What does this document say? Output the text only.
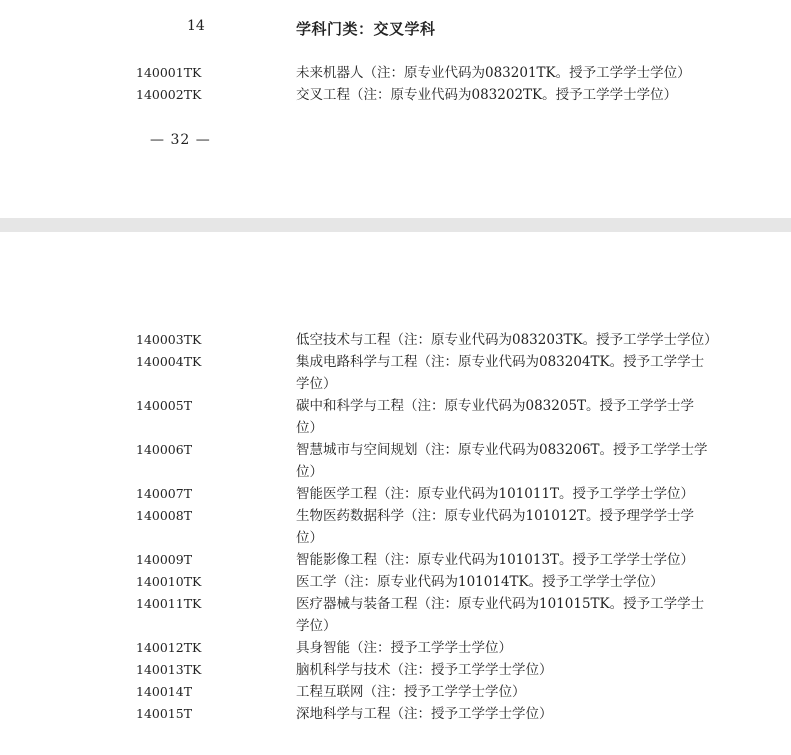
14	学科门类：交叉学科
140001TK	未来机器人（注：原专业代码为083201TK。授予工学学士学位）
140002TK	交叉工程（注：原专业代码为083202TK。授予工学学士学位）
— 32 —
140003TK	低空技术与工程（注：原专业代码为083203TK。授予工学学士学位）
140004TK	集成电路科学与工程（注：原专业代码为083204TK。授予工学学士学位）
140005T	碳中和科学与工程（注：原专业代码为083205T。授予工学学士学位）
140006T	智慧城市与空间规划（注：原专业代码为083206T。授予工学学士学位）
140007T	智能医学工程（注：原专业代码为101011T。授予工学学士学位）
140008T	生物医药数据科学（注：原专业代码为101012T。授予理学学士学位）
140009T	智能影像工程（注：原专业代码为101013T。授予工学学士学位）
140010TK	医工学（注：原专业代码为101014TK。授予工学学士学位）
140011TK	医疗器械与装备工程（注：原专业代码为101015TK。授予工学学士学位）
140012TK	具身智能（注：授予工学学士学位）
140013TK	脑机科学与技术（注：授予工学学士学位）
140014T	工程互联网（注：授予工学学士学位）
140015T	深地科学与工程（注：授予工学学士学位）
